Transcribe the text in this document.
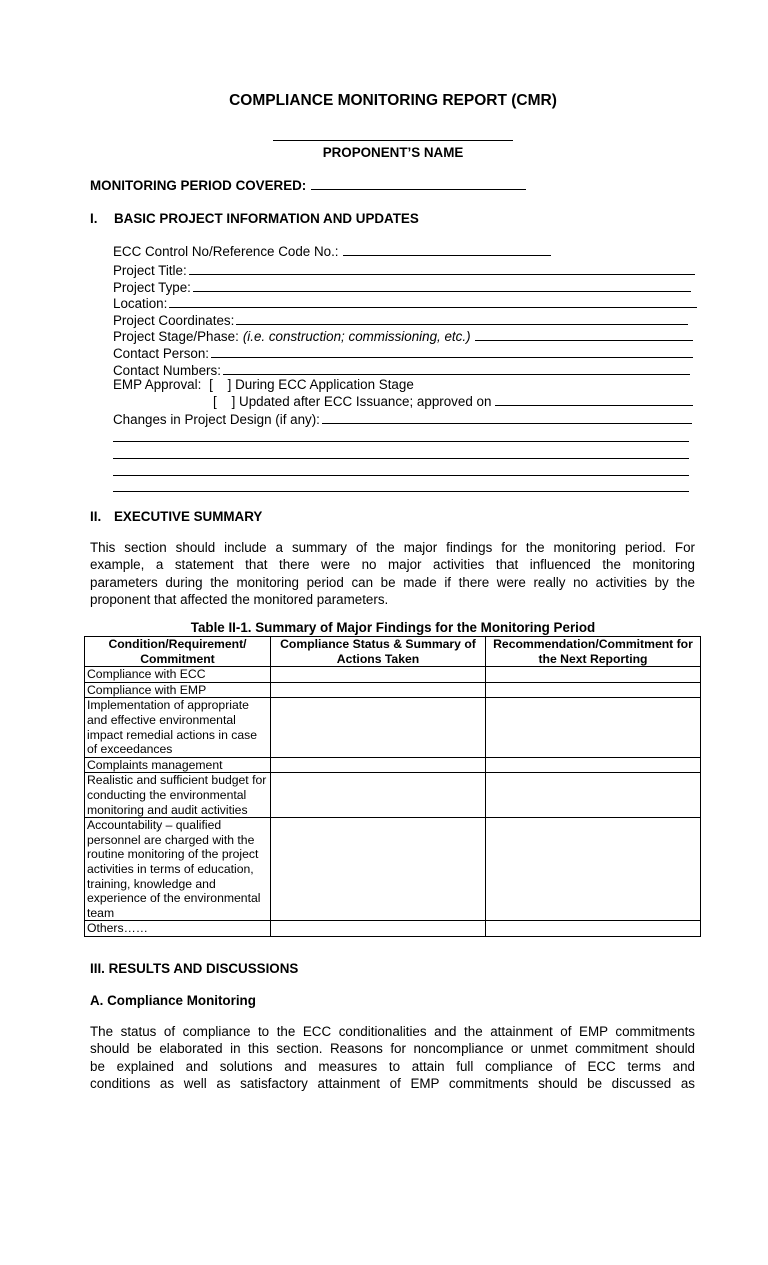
COMPLIANCE MONITORING REPORT (CMR)
PROPONENT’S NAME
MONITORING PERIOD COVERED:
I. BASIC PROJECT INFORMATION AND UPDATES
ECC Control No/Reference Code No.:
Project Title:
Project Type:
Location:
Project Coordinates:
Project Stage/Phase: (i.e. construction; commissioning, etc.)
Contact Person:
Contact Numbers:
EMP Approval: [    ] During ECC Application Stage
[    ] Updated after ECC Issuance; approved on
Changes in Project Design (if any):
II. EXECUTIVE SUMMARY
This section should include a summary of the major findings for the monitoring period. For
example, a statement that there were no major activities that influenced the monitoring
parameters during the monitoring period can be made if there were really no activities by the
proponent that affected the monitored parameters.
Table II-1. Summary of Major Findings for the Monitoring Period
Condition/Requirement/ Commitment	Compliance Status & Summary of Actions Taken	Recommendation/Commitment for the Next Reporting
Compliance with ECC		
Compliance with EMP		
Implementation of appropriate and effective environmental impact remedial actions in case of exceedances		
Complaints management		
Realistic and sufficient budget for conducting the environmental monitoring and audit activities		
Accountability – qualified personnel are charged with the routine monitoring of the project activities in terms of education, training, knowledge and experience of the environmental team		
Others……		
III. RESULTS AND DISCUSSIONS
A. Compliance Monitoring
The status of compliance to the ECC conditionalities and the attainment of EMP commitments
should be elaborated in this section. Reasons for noncompliance or unmet commitment should
be explained and solutions and measures to attain full compliance of ECC terms and
conditions as well as satisfactory attainment of EMP commitments should be discussed as
